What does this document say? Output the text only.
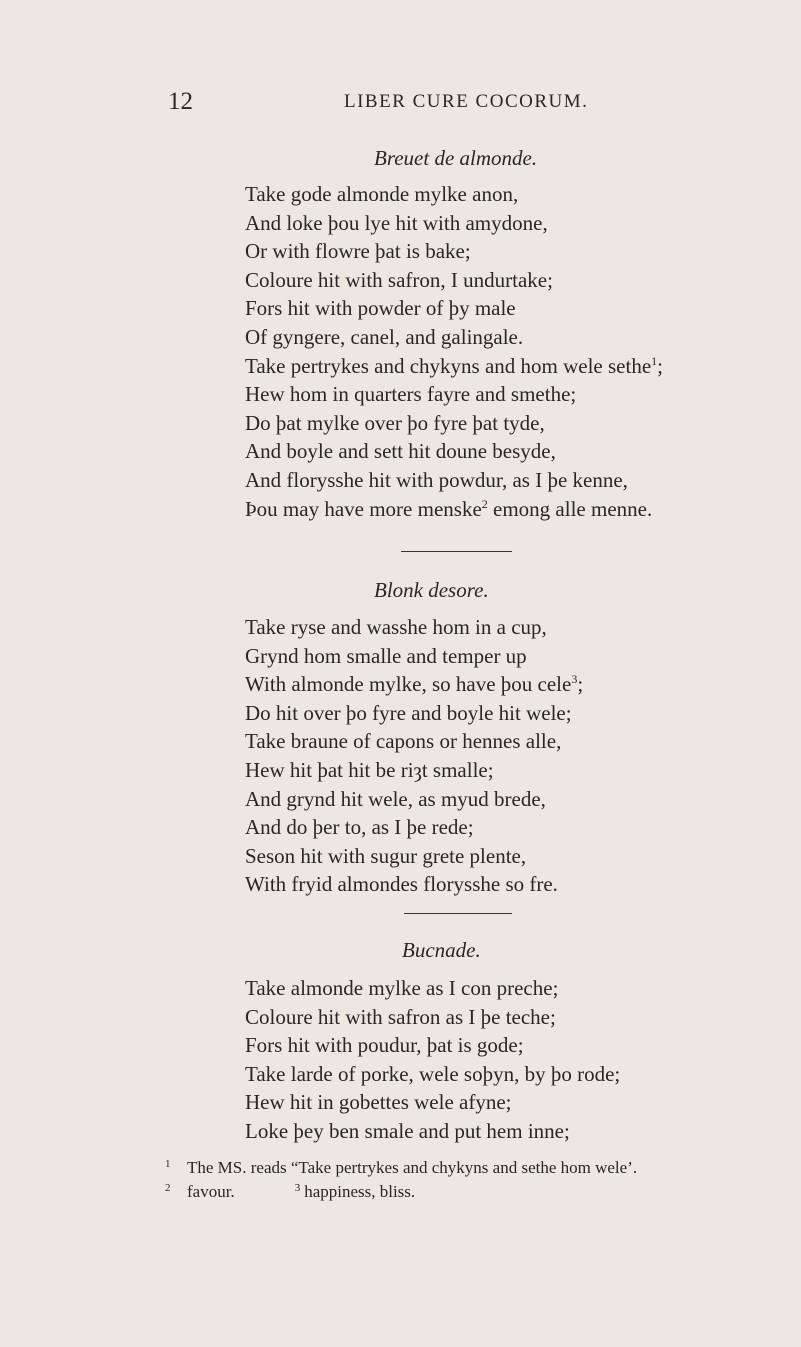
12	LIBER CURE COCORUM.
Breuet de almonde.
Take gode almonde mylke anon,
And loke þou lye hit with amydone,
Or with flowre þat is bake;
Coloure hit with safron, I undurtake;
Fors hit with powder of þy male
Of gyngere, canel, and galingale.
Take pertrykes and chykyns and hom wele sethe$^1$;
Hew hom in quarters fayre and smethe;
Do þat mylke over þo fyre þat tyde,
And boyle and sett hit doune besyde,
And florysshe hit with powdur, as I þe kenne,
Þou may have more menske$^2$ emong alle menne.
Blonk desore.
Take ryse and wasshe hom in a cup,
Grynd hom smalle and temper up
With almonde mylke, so have þou cele$^3$;
Do hit over þo fyre and boyle hit wele;
Take braune of capons or hennes alle,
Hew hit þat hit be riȝt smalle;
And grynd hit wele, as myud brede,
And do þer to, as I þe rede;
Seson hit with sugur grete plente,
With fryid almondes florysshe so fre.
Bucnade.
Take almonde mylke as I con preche;
Coloure hit with safron as I þe teche;
Fors hit with poudur, þat is gode;
Take larde of porke, wele soþyn, by þo rode;
Hew hit in gobettes wele afyne;
Loke þey ben smale and put hem inne;
1 The MS. reads “Take pertrykes and chykyns and sethe hom wele’.
2 favour.	$^3$ happiness, bliss.
